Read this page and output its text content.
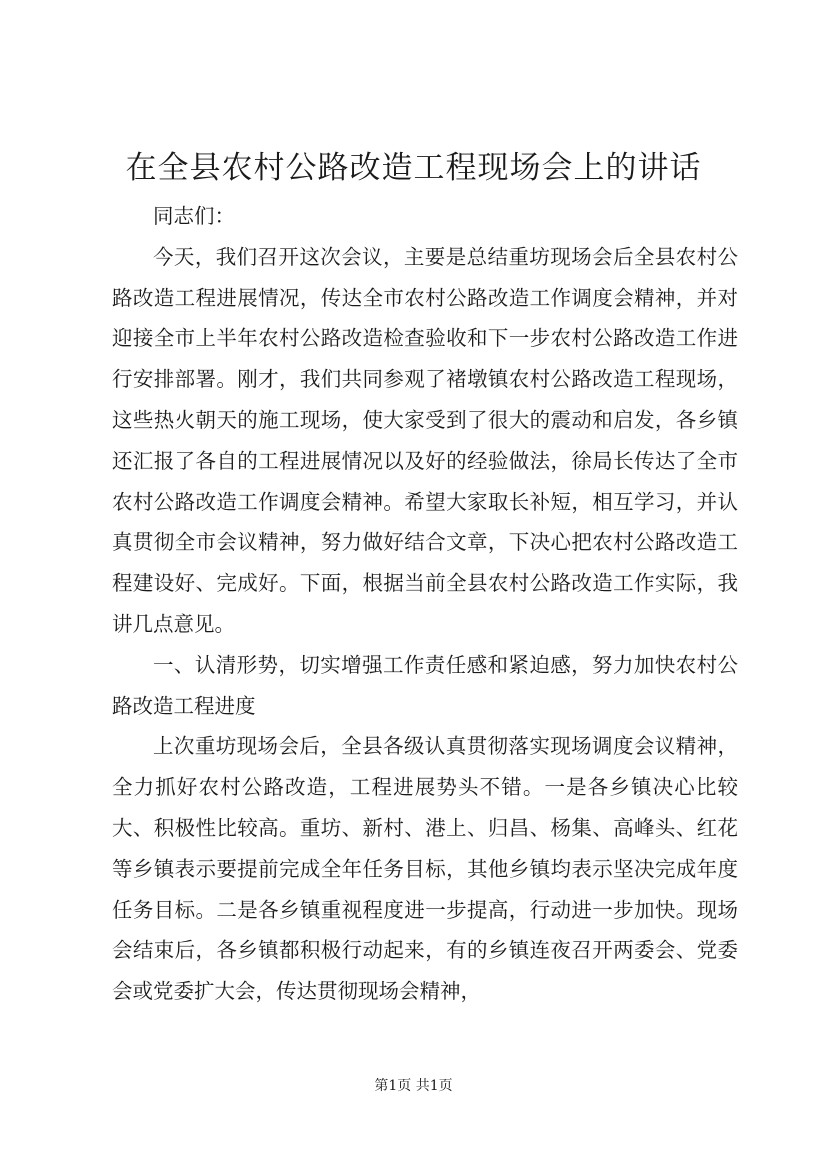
在全县农村公路改造工程现场会上的讲话

同志们：

今天，我们召开这次会议，主要是总结重坊现场会后全县农村公路改造工程进展情况，传达全市农村公路改造工作调度会精神，并对迎接全市上半年农村公路改造检查验收和下一步农村公路改造工作进行安排部署。刚才，我们共同参观了褚墩镇农村公路改造工程现场，这些热火朝天的施工现场，使大家受到了很大的震动和启发，各乡镇还汇报了各自的工程进展情况以及好的经验做法，徐局长传达了全市农村公路改造工作调度会精神。希望大家取长补短，相互学习，并认真贯彻全市会议精神，努力做好结合文章，下决心把农村公路改造工程建设好、完成好。下面，根据当前全县农村公路改造工作实际，我讲几点意见。

一、认清形势，切实增强工作责任感和紧迫感，努力加快农村公路改造工程进度

上次重坊现场会后，全县各级认真贯彻落实现场调度会议精神，全力抓好农村公路改造，工程进展势头不错。一是各乡镇决心比较大、积极性比较高。重坊、新村、港上、归昌、杨集、高峰头、红花等乡镇表示要提前完成全年任务目标，其他乡镇均表示坚决完成年度任务目标。二是各乡镇重视程度进一步提高，行动进一步加快。现场会结束后，各乡镇都积极行动起来，有的乡镇连夜召开两委会、党委会或党委扩大会，传达贯彻现场会精神，

第1页 共1页
